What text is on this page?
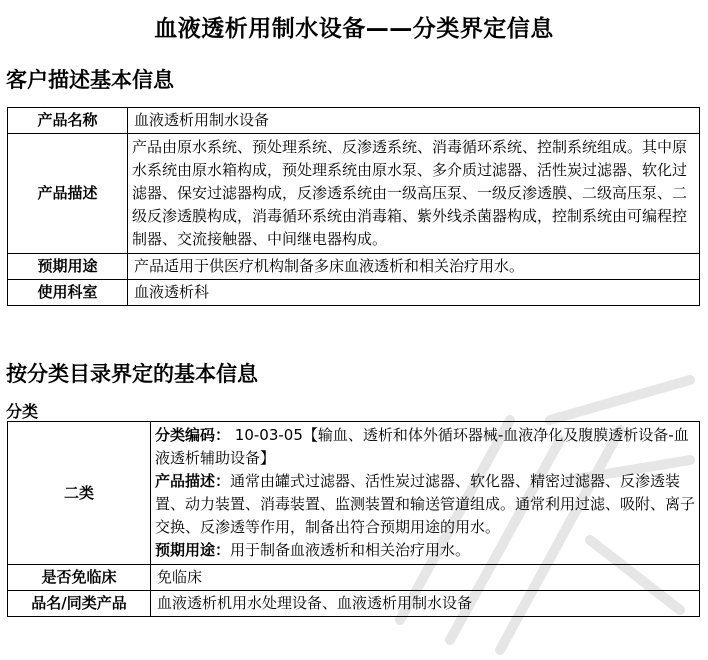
血液透析用制水设备——分类界定信息
客户描述基本信息
产品名称	血液透析用制水设备
产品描述	产品由原水系统、预处理系统、反渗透系统、消毒循环系统、控制系统组成。其中原水系统由原水箱构成，预处理系统由原水泵、多介质过滤器、活性炭过滤器、软化过滤器、保安过滤器构成，反渗透系统由一级高压泵、一级反渗透膜、二级高压泵、二级反渗透膜构成，消毒循环系统由消毒箱、紫外线杀菌器构成，控制系统由可编程控制器、交流接触器、中间继电器构成。
预期用途	产品适用于供医疗机构制备多床血液透析和相关治疗用水。
使用科室	血液透析科
按分类目录界定的基本信息
分类
二类	分类编码： 10-03-05【输血、透析和体外循环器械-血液净化及腹膜透析设备-血液透析辅助设备】
产品描述：通常由罐式过滤器、活性炭过滤器、软化器、精密过滤器、反渗透装置、动力装置、消毒装置、监测装置和输送管道组成。通常利用过滤、吸附、离子交换、反渗透等作用，制备出符合预期用途的用水。
预期用途：用于制备血液透析和相关治疗用水。

是否免临床	免临床
品名/同类产品	血液透析机用水处理设备、血液透析用制水设备
